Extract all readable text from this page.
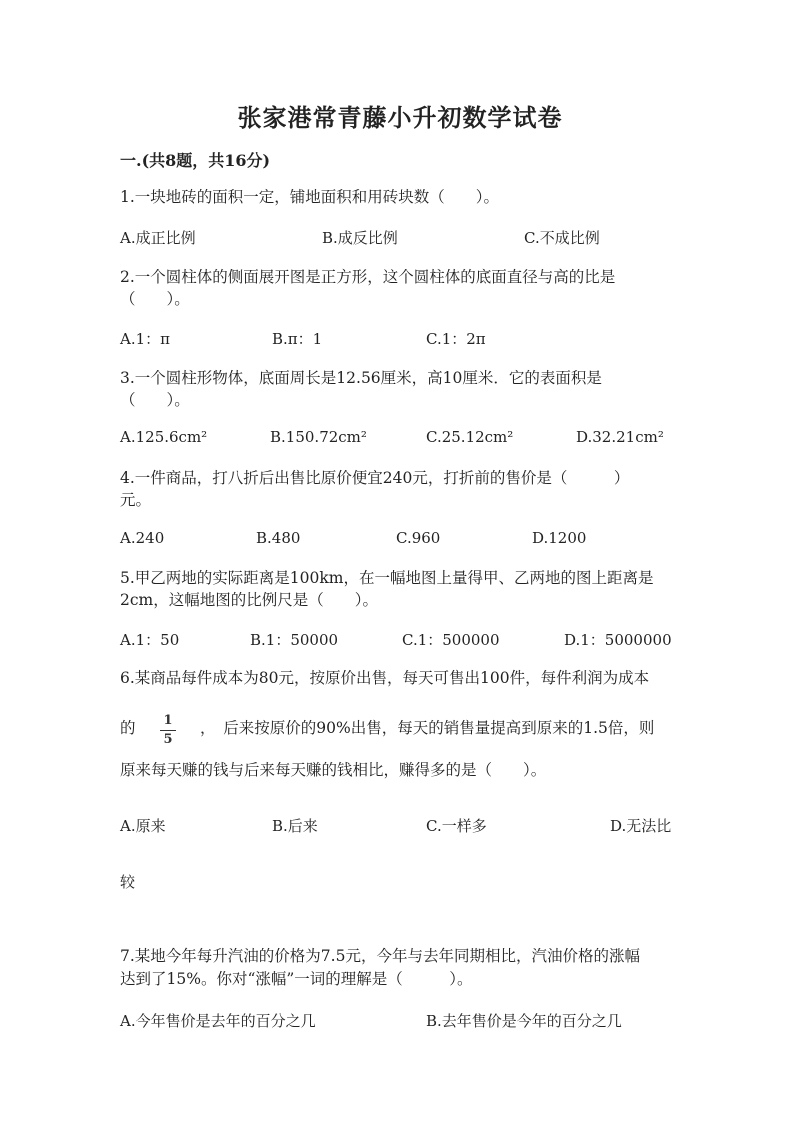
张家港常青藤小升初数学试卷
一.(共8题，共16分)
1.一块地砖的面积一定，铺地面积和用砖块数（　　）。
A.成正比例	B.成反比例	C.不成比例
2.一个圆柱体的侧面展开图是正方形，这个圆柱体的底面直径与高的比是
（　　）。
A.1：π	B.π：1	C.1：2π
3.一个圆柱形物体，底面周长是12.56厘米，高10厘米．它的表面积是
（　　）。
A.125.6cm²	B.150.72cm²	C.25.12cm²	D.32.21cm²
4.一件商品，打八折后出售比原价便宜240元，打折前的售价是（　　　）
元。
A.240	B.480	C.960	D.1200
5.甲乙两地的实际距离是100km，在一幅地图上量得甲、乙两地的图上距离是
2cm，这幅地图的比例尺是（　　）。
A.1：50	B.1：50000	C.1：500000	D.1：5000000
6.某商品每件成本为80元，按原价出售，每天可售出100件，每件利润为成本
的 1
5
，　后来按原价的90%出售，每天的销售量提高到原来的1.5倍，则
原来每天赚的钱与后来每天赚的钱相比，赚得多的是（　　）。
A.原来	B.后来	C.一样多	D.无法比
较
7.某地今年每升汽油的价格为7.5元，今年与去年同期相比，汽油价格的涨幅
达到了15%。你对“涨幅”一词的理解是（　　　）。
A.今年售价是去年的百分之几	B.去年售价是今年的百分之几
